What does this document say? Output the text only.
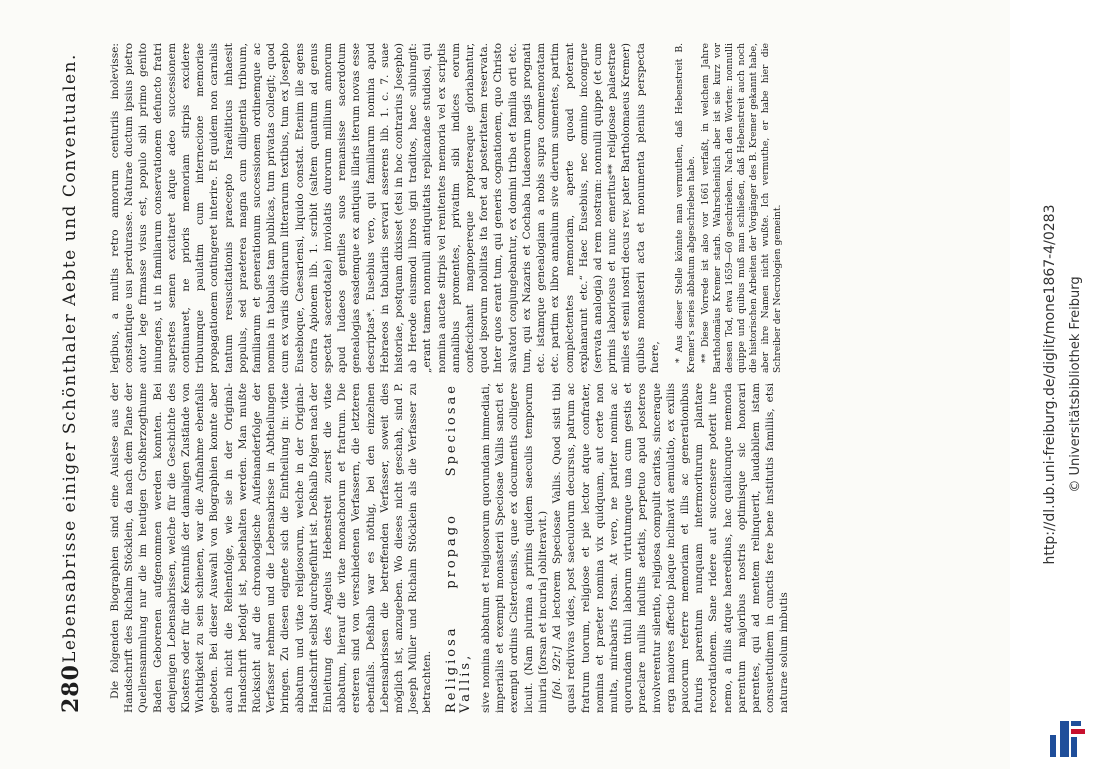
280
Lebensabrisse einiger Schönthaler Aebte und Conventualen.	Die folgenden Biographien sind eine Auslese aus der Handschrift des Richalm Stöcklein, da nach dem Plane der Quellensammlung nur die im heutigen Großherzogthume Baden Geborenen aufgenommen werden konnten. Bei denjenigen Lebensabrissen, welche für die Geschichte des Klosters oder für die Kenntniß der damaligen Zustände von Wichtigkeit zu sein schienen, war die Aufnahme ebenfalls geboten. Bei dieser Auswahl von Biographien konnte aber auch nicht die Reihenfolge, wie sie in der Original-Handschrift befolgt ist, beibehalten werden. Man mußte Rücksicht auf die chronologische Aufeinanderfolge der Verfasser nehmen und die Lebensabrisse in Abtheilungen bringen. Zu diesen eignete sich die Eintheilung in: vitae abbatum und vitae religiosorum, welche in der Original-Handschrift selbst durchgeführt ist. Deßhalb folgen nach der Einleitung des Angelus Hebenstreit zuerst die vitae abbatum, hierauf die vitae monachorum et fratrum. Die ersteren sind von verschiedenen Verfassern, die letzteren ebenfalls. Deßhalb war es nöthig, bei den einzelnen Lebensabrissen die betreffenden Verfasser, soweit dies möglich ist, anzugeben. Wo dieses nicht geschah, sind P. Joseph Müller und Richalm Stöcklein als die Verfasser zu betrachten. Religiosa propago Speciosae Vallis, sive nomina abbatum et religiosorum quorundam immediati, imperialis et exempti monasterii Speciosae Vallis sancti et exempti ordinis Cisterciensis, quae ex documentis colligere licuit. (Nam plurima a primis quidem saeculis temporum iniuria [forsan et incuria] obliteravit.) [fol. 92r.] Ad lectorem Speciosae Vallis. Quod sisti tibi quasi redivivas vides, post saeculorum decursus, patrum ac fratrum tuorum, religiose et pie lector atque confrater, nomina et praeter nomina vix quidquam, aut certe non multa, mirabaris forsan. At vero, ne pariter nomina ac quorundam tituli laborum virtutumque una cum gestis et praeclare nullis indultis aetatis, perpetuo apud posteros involverentur silentio, religiosa compulit caritas, sinceraque erga maiores affectio plaque inclinavit aemulatio, ex exiliis paucorum referre memoriam et illis ac generationibus futuris parentum nunquam intermoriturum plantare recordationem. Sane ridere aut succensere poterit iure nemo, a filiis atque haeredibus, hac qualicunque memoria parentum majoribus nostris optimisque sic honorari parentes, qui ad mentem relinquerit, laudabilem istam consuetudinem in cunctis fere bene institutis familiis, etsi naturae solum imbutis

legibus, a multis retro annorum centuriis inolevisse: constantique usu perdurasse. Naturae ductum ipsius pietro autor lege firmasse visus est, populo sibi primo genito iniungens, ut in familiarum conservationem defuncto fratri superstes semen excitaret atque adeo successionem continuaret, ne prioris memoriam stirpis excidere tribuumque paulatim cum internecione memoriae propagationem contingeret interire. Et quidem non carnalis tantum resuscitationis praecepto Israëliticus inhaesit populus, sed praeterea magna cum diligentia tribuum, familiarum et generationum successionem ordinemque ac nomina in tabulas tam publicas, tum privatas collegit; quod cum ex variis divinarum litterarum textibus, tum ex Josepho Eusebioque, Caesariensi, liquido constat. Etenim ille agens contra Apionem lib. 1. scribit (saltem quantum ad genus spectat sacerdotale) inviolatis durorum millium annorum apud Iudaeos gentiles suos remansisse sacerdotum genealogias easdemque ex antiquis illaris iterum novas esse descriptas*. Eusebius vero, qui familiarum nomina apud Hebraeos in tabulariis servari asserens lib. 1. c. 7. suae historiae, postquam dixisset (etsi in hoc contrarius Josepho) ab Herode eiusmodi libros igni traditos, haec subiungit: „erant tamen nonnulli antiquitatis replicandae studiosi, qui nomina auctae stirpis vel renitentes memoria vel ex scriptis annalibus promentes, privatim sibi indices eorum confecichant magnopereque proptereaque gloriabantur, quod ipsorum nobilitas ita foret ad posteritatem reservata. Inter quos erant tum, qui generis cognationem, quo Christo salvatori conjungebantur, ex domini triba et familia orti etc. tum, qui ex Nazaris et Cochaba Iudaeorum pagis prognati etc. istamque genealogiam a nobis supra commemoratam etc. partim ex libro annalium sive dierum sumentes, partim complectentes memoriam, aperte quoad poterant explanarunt etc.“ Haec Eusebius, nec omnino incongrue (servata analogia) ad rem nostram: nonnulli quippe (et cum primis laboriosus et nunc emeritus** religiosae palaestrae miles et senii nostri decus rev. pater Bartholomaeus Kremer) quibus monasterii acta et monumenta plenius perspecta fuere, * Aus dieser Stelle könnte man vermuthen, daß Hebenstreit B. Kremer's series abbatum abgeschrieben habe. ** Diese Vorrede ist also vor 1661 verfaßt, in welchem Jahre Bartholomäus Kremer starb. Wahrscheinlich aber ist sie kurz vor dessen Tod, etwa 1659—60 geschrieben. Nach den Worten: nonnulli quippe und quibus muß man schließen, daß Hebenstreit auch noch die historischen Arbeiten der Vorgänger des B. Kremer gekannt habe, aber ihre Namen nicht wußte. Ich vermuthe, er habe hier die Schreiber der Necrologien gemeint.	http://dl.ub.uni-freiburg.de/diglit/mone1867-4/0283 © Universitätsbibliothek Freiburg
